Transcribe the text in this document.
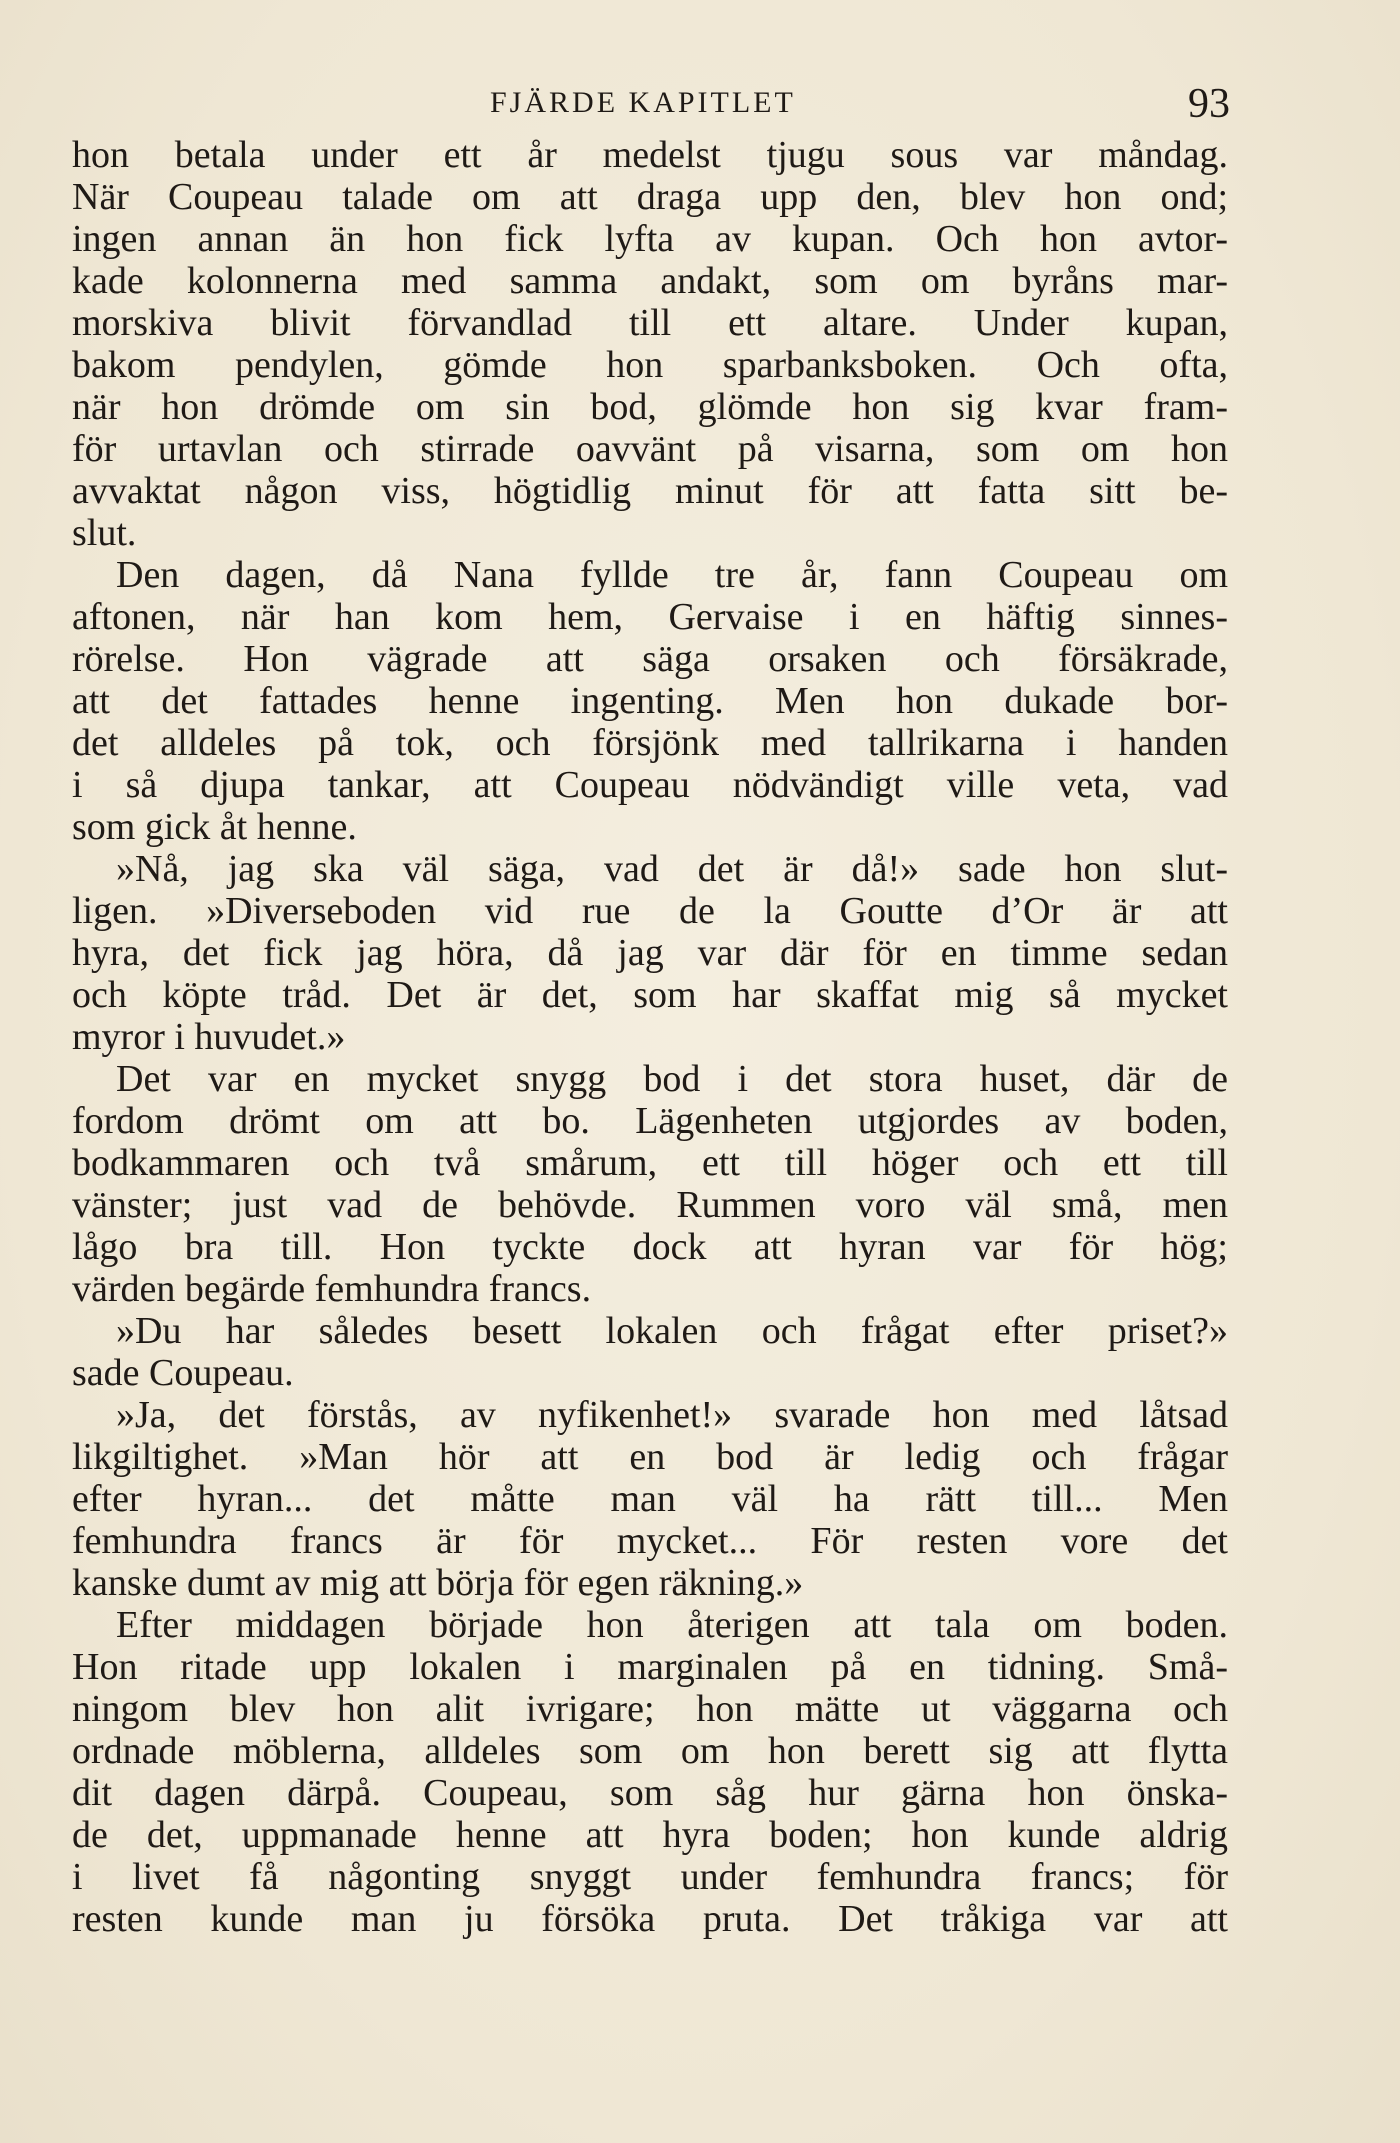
FJÄRDE KAPITLET	93
hon betala under ett år medelst tjugu sous var måndag.
När Coupeau talade om att draga upp den, blev hon ond;
ingen annan än hon fick lyfta av kupan. Och hon avtor-
kade kolonnerna med samma andakt, som om byråns mar-
morskiva blivit förvandlad till ett altare. Under kupan,
bakom pendylen, gömde hon sparbanksboken. Och ofta,
när hon drömde om sin bod, glömde hon sig kvar fram-
för urtavlan och stirrade oavvänt på visarna, som om hon
avvaktat någon viss, högtidlig minut för att fatta sitt be-
slut.
Den dagen, då Nana fyllde tre år, fann Coupeau om
aftonen, när han kom hem, Gervaise i en häftig sinnes-
rörelse. Hon vägrade att säga orsaken och försäkrade,
att det fattades henne ingenting. Men hon dukade bor-
det alldeles på tok, och försjönk med tallrikarna i handen
i så djupa tankar, att Coupeau nödvändigt ville veta, vad
som gick åt henne.
»Nå, jag ska väl säga, vad det är då!» sade hon slut-
ligen. »Diverseboden vid rue de la Goutte d’Or är att
hyra, det fick jag höra, då jag var där för en timme sedan
och köpte tråd. Det är det, som har skaffat mig så mycket
myror i huvudet.»
Det var en mycket snygg bod i det stora huset, där de
fordom drömt om att bo. Lägenheten utgjordes av boden,
bodkammaren och två smårum, ett till höger och ett till
vänster; just vad de behövde. Rummen voro väl små, men
lågo bra till. Hon tyckte dock att hyran var för hög;
värden begärde femhundra francs.
»Du har således besett lokalen och frågat efter priset?»
sade Coupeau.
»Ja, det förstås, av nyfikenhet!» svarade hon med låtsad
likgiltighet. »Man hör att en bod är ledig och frågar
efter hyran... det måtte man väl ha rätt till... Men
femhundra francs är för mycket... För resten vore det
kanske dumt av mig att börja för egen räkning.»
Efter middagen började hon återigen att tala om boden.
Hon ritade upp lokalen i marginalen på en tidning. Små-
ningom blev hon alit ivrigare; hon mätte ut väggarna och
ordnade möblerna, alldeles som om hon berett sig att flytta
dit dagen därpå. Coupeau, som såg hur gärna hon önska-
de det, uppmanade henne att hyra boden; hon kunde aldrig
i livet få någonting snyggt under femhundra francs; för
resten kunde man ju försöka pruta. Det tråkiga var att
